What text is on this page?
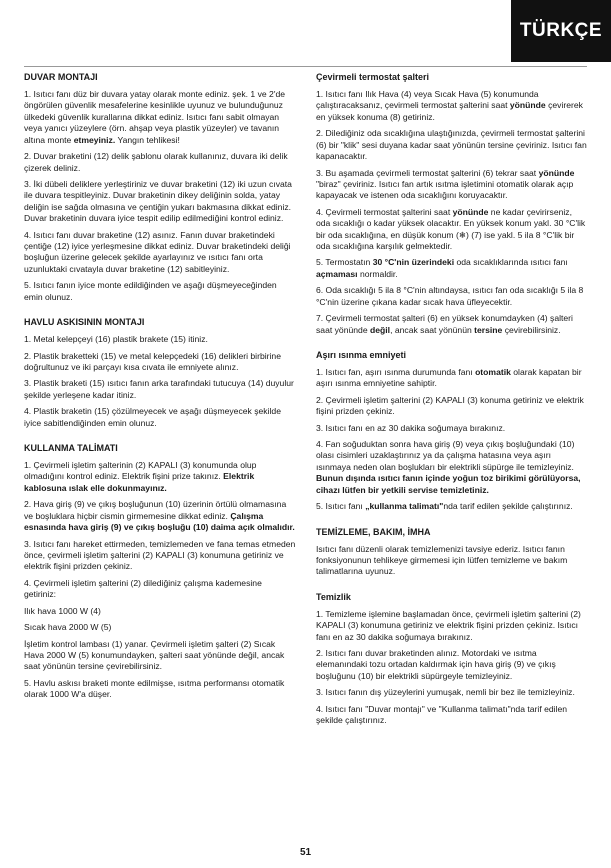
TÜRKÇE
DUVAR MONTAJI

1. Isıtıcı fanı düz bir duvara yatay olarak monte ediniz. şek. 1 ve 2'de öngörülen güvenlik mesafelerine kesinlikle uyunuz ve bulunduğunuz ülkedeki güvenlik kurallarına dikkat ediniz. Isıtıcı fanı sabit olmayan veya yanıcı yüzeylere (örn. ahşap veya plastik yüzeyler) ve tavanın altına monte etmeyiniz. Yangın tehlikesi!

2. Duvar braketini (12) delik şablonu olarak kullanınız, duvara iki delik çizerek deliniz.

3. İki dübeli deliklere yerleştiriniz ve duvar braketini (12) iki uzun cıvata ile duvara tespitleyiniz. Duvar braketinin dikey deliğinin solda, yatay deliğin ise sağda olmasına ve çentiğin yukarı bakmasına dikkat ediniz. Duvar braketinin duvara iyice tespit edilip edilmediğini kontrol ediniz.

4. Isıtıcı fanı duvar braketine (12) asınız. Fanın duvar braketindeki çentiğe (12) iyice yerleşmesine dikkat ediniz. Duvar braketindeki deliği boşluğun üzerine gelecek şekilde ayarlayınız ve ısıtıcı fanı orta uzunluktaki cıvatayla duvar braketine (12) sabitleyiniz.

5. Isıtıcı fanın iyice monte edildiğinden ve aşağı düşmeyeceğinden emin olunuz.

HAVLU ASKISININ MONTAJI

1. Metal kelepçeyi (16) plastik brakete (15) itiniz.

2. Plastik braketteki (15) ve metal kelepçedeki (16) delikleri birbirine doğrultunuz ve iki parçayı kısa cıvata ile emniyete alınız.

3. Plastik braketi (15) ısıtıcı fanın arka tarafındaki tutucuya (14) duyulur şekilde yerleşene kadar itiniz.

4. Plastik braketin (15) çözülmeyecek ve aşağı düşmeyecek şekilde iyice sabitlendiğinden emin olunuz.

KULLANMA TALİMATI

1. Çevirmeli işletim şalterinin (2) KAPALI (3) konumunda olup olmadığını kontrol ediniz. Elektrik fişini prize takınız. Elektrik kablosuna ıslak elle dokunmayınız.

2. Hava giriş (9) ve çıkış boşluğunun (10) üzerinin örtülü olmamasına ve boşluklara hiçbir cismin girmemesine dikkat ediniz. Çalışma esnasında hava giriş (9) ve çıkış boşluğu (10) daima açık olmalıdır.

3. Isıtıcı fanı hareket ettirmeden, temizlemeden ve fana temas etmeden önce, çevirmeli işletim şalterini (2) KAPALI (3) konumuna getiriniz ve elektrik fişini prizden çekiniz.

4. Çevirmeli işletim şalterini (2) dilediğiniz çalışma kademesine getiriniz:

Ilık hava 1000 W (4)

Sıcak hava 2000 W (5)

İşletim kontrol lambası (1) yanar. Çevirmeli işletim şalteri (2) Sıcak Hava 2000 W (5) konumundayken, şalteri saat yönünde değil, ancak saat yönünün tersine çevirebilirsiniz.

5. Havlu askısı braketi monte edilmişse, ısıtma performansı otomatik olarak 1000 W'a düşer.

Çevirmeli termostat şalteri

1. Isıtıcı fanı Ilık Hava (4) veya Sıcak Hava (5) konumunda çalıştıracaksanız, çevirmeli termostat şalterini saat yönünde çevirerek en yüksek konuma (8) getiriniz.

2. Dilediğiniz oda sıcaklığına ulaştığınızda, çevirmeli termostat şalterini (6) bir "klik" sesi duyana kadar saat yönünün tersine çeviriniz. Isıtıcı fan kapanacaktır.

3. Bu aşamada çevirmeli termostat şalterini (6) tekrar saat yönünde "biraz" çeviriniz. Isıtıcı fan artık ısıtma işletimini otomatik olarak açıp kapayacak ve istenen oda sıcaklığını koruyacaktır.

4. Çevirmeli termostat şalterini saat yönünde ne kadar çevirirseniz, oda sıcaklığı o kadar yüksek olacaktır. En yüksek konum yakl. 30 °C'lik bir oda sıcaklığına, en düşük konum (❄) (7) ise yakl. 5 ila 8 °C'lik bir oda sıcaklığına karşılık gelmektedir.

5. Termostatın 30 °C'nin üzerindeki oda sıcaklıklarında ısıtıcı fanı açmaması normaldir.

6. Oda sıcaklığı 5 ila 8 °C'nin altındaysa, ısıtıcı fan oda sıcaklığı 5 ila 8 °C'nin üzerine çıkana kadar sıcak hava üfleyecektir.

7. Çevirmeli termostat şalteri (6) en yüksek konumdayken (4) şalteri saat yönünde değil, ancak saat yönünün tersine çevirebilirsiniz.

Aşırı ısınma emniyeti

1. Isıtıcı fan, aşırı ısınma durumunda fanı otomatik olarak kapatan bir aşırı ısınma emniyetine sahiptir.

2. Çevirmeli işletim şalterini (2) KAPALI (3) konuma getiriniz ve elektrik fişini prizden çekiniz.

3. Isıtıcı fanı en az 30 dakika soğumaya bırakınız.

4. Fan soğuduktan sonra hava giriş (9) veya çıkış boşluğundaki (10) olası cisimleri uzaklaştırınız ya da çalışma hatasına veya aşırı ısınmaya neden olan boşlukları bir elektrikli süpürge ile temizleyiniz. Bunun dışında ısıtıcı fanın içinde yoğun toz birikimi görülüyorsa, cihazı lütfen bir yetkili servise temizletiniz.

5. Isıtıcı fanı „kullanma talimatı"nda tarif edilen şekilde çalıştırınız.

TEMİZLEME, BAKIM, İMHA

Isıtıcı fanı düzenli olarak temizlemenizi tavsiye ederiz. Isıtıcı fanın fonksiyonunun tehlikeye girmemesi için lütfen temizleme ve bakım talimatlarına uyunuz.

Temizlik

1. Temizleme işlemine başlamadan önce, çevirmeli işletim şalterini (2) KAPALI (3) konumuna getiriniz ve elektrik fişini prizden çekiniz. Isıtıcı fanı en az 30 dakika soğumaya bırakınız.

2. Isıtıcı fanı duvar braketinden alınız. Motordaki ve ısıtma elemanındaki tozu ortadan kaldırmak için hava giriş (9) ve çıkış boşluğunu (10) bir elektrikli süpürgeyle temizleyiniz.

3. Isıtıcı fanın dış yüzeylerini yumuşak, nemli bir bez ile temizleyiniz.

4. Isıtıcı fanı "Duvar montajı" ve "Kullanma talimatı"nda tarif edilen şekilde çalıştırınız.

51
